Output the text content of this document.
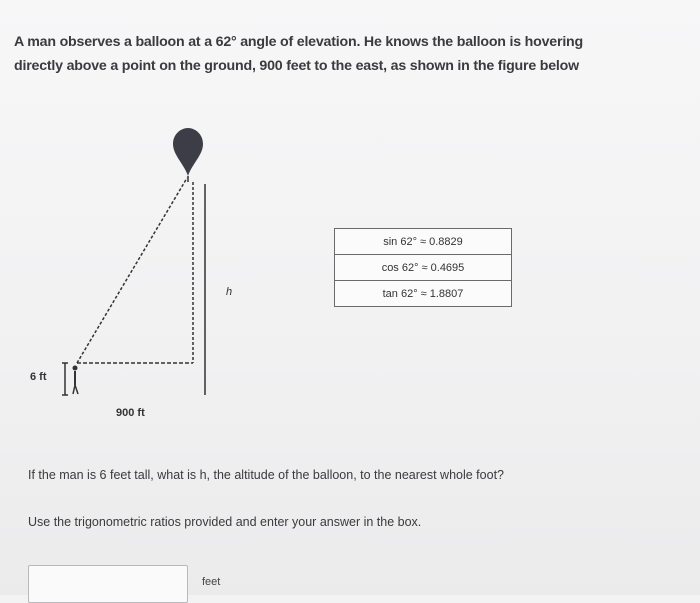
A man observes a balloon at a 62° angle of elevation. He knows the balloon is hovering

directly above a point on the ground, 900 feet to the east, as shown in the figure below

6 ft
h
900 ft
sin 62° ≈ 0.8829
cos 62° ≈ 0.4695
tan 62° ≈ 1.8807
If the man is 6 feet tall, what is h, the altitude of the balloon, to the nearest whole foot?
Use the trigonometric ratios provided and enter your answer in the box.
feet
